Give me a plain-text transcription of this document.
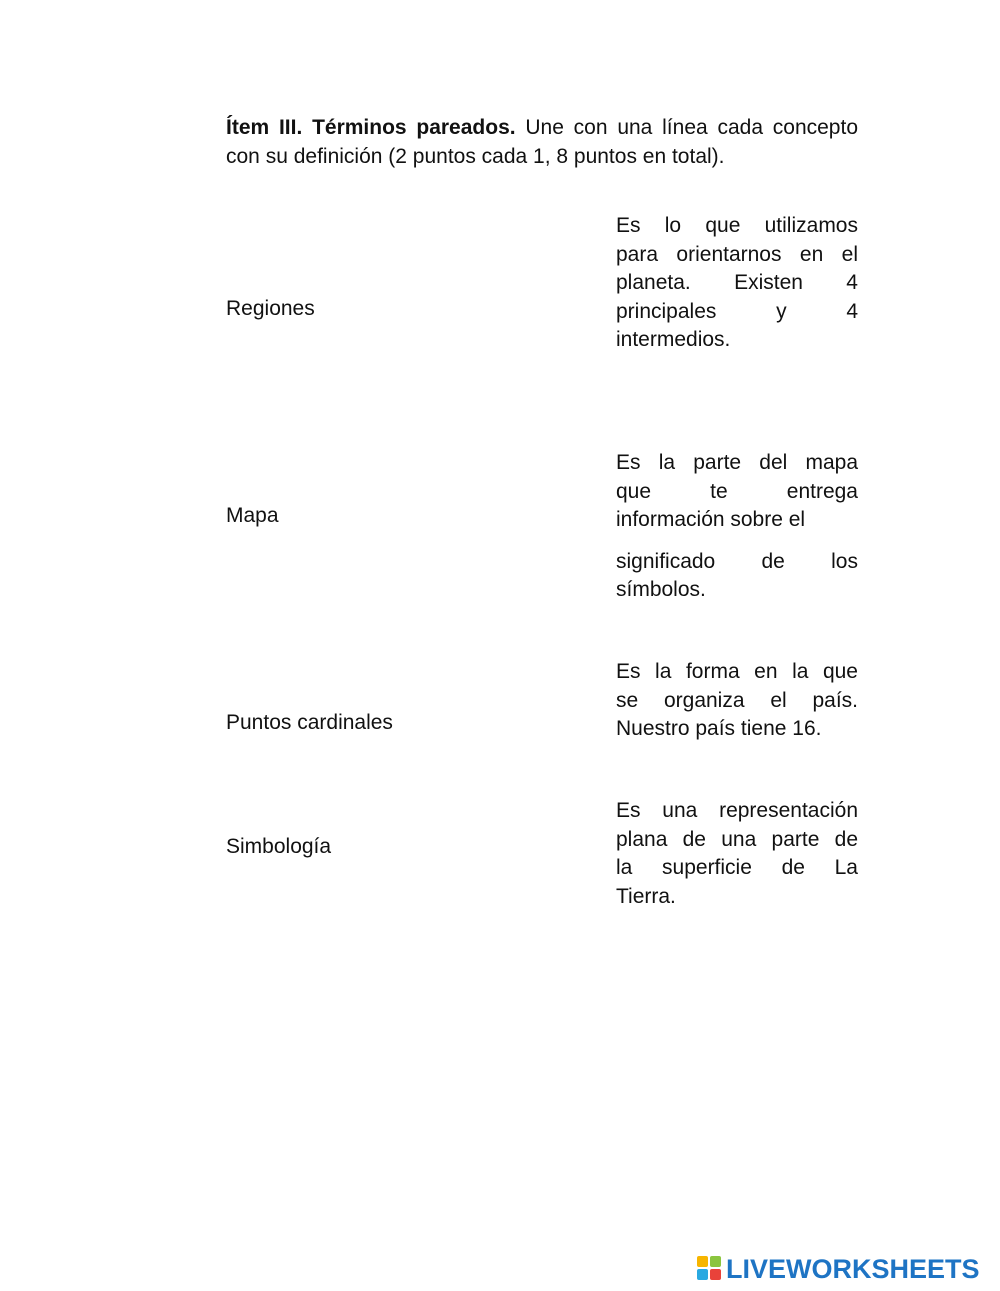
Ítem III. Términos pareados. Une con una línea cada concepto con su definición (2 puntos cada 1, 8 puntos en total).

Regiones

Mapa

Puntos cardinales

Simbología

Es lo que utilizamos
para orientarnos en el
planeta. Existen 4
principales y 4
intermedios.
Es la parte del mapa
que te entrega
información sobre el
significado de los
símbolos.
Es la forma en la que
se organiza el país.
Nuestro país tiene 16.
Es una representación
plana de una parte de
la superficie de La
Tierra.
LIVEWORKSHEETS
